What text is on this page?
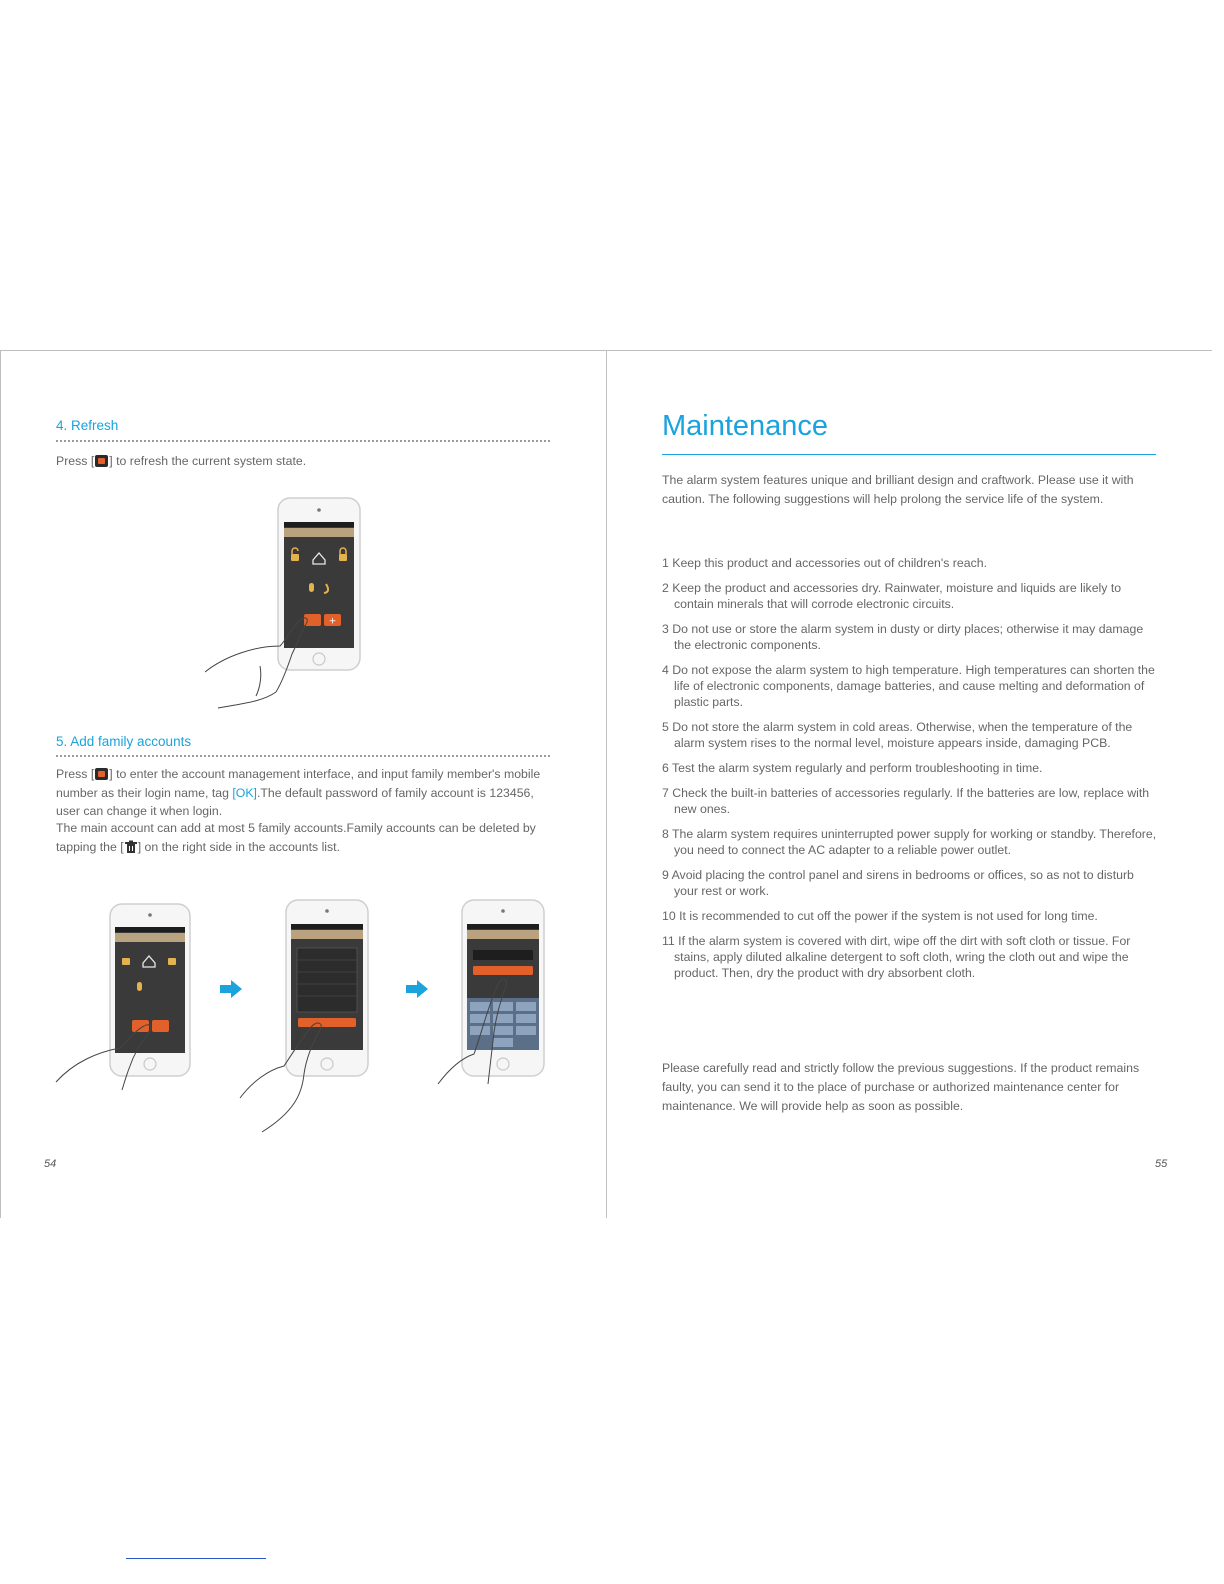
4. Refresh
Press [ ] to refresh the current system state.
+
5. Add family accounts
Press [ ] to enter the account management interface, and input family member's mobile number as their login name, tag [OK].The default password of family account is 123456, user can change it when login.
The main account can add at most 5 family accounts.Family accounts can be deleted by tapping the [ ] on the right side in the accounts list.
54
Maintenance
The alarm system features unique and brilliant design and craftwork. Please use it with caution. The following suggestions will help prolong the service life of the system.
1 Keep this product and accessories out of children's reach.
2 Keep the product and accessories dry. Rainwater, moisture and liquids are likely to contain minerals that will corrode electronic circuits.
3 Do not use or store the alarm system in dusty or dirty places; otherwise it may damage the electronic components.
4 Do not expose the alarm system to high temperature. High temperatures can shorten the life of electronic components, damage batteries, and cause melting and deformation of plastic parts.
5 Do not store the alarm system in cold areas. Otherwise, when the temperature of the alarm system rises to the normal level, moisture appears inside, damaging PCB.
6 Test the alarm system regularly and perform troubleshooting in time.
7 Check the built-in batteries of accessories regularly. If the batteries are low, replace with new ones.
8 The alarm system requires uninterrupted power supply for working or standby. Therefore, you need to connect the AC adapter to a reliable power outlet.
9 Avoid placing the control panel and sirens in bedrooms or offices, so as not to disturb your rest or work.
10 It is recommended to cut off the power if the system is not used for long time.
11 If the alarm system is covered with dirt, wipe off the dirt with soft cloth or tissue. For stains, apply diluted alkaline detergent to soft cloth, wring the cloth out and wipe the product. Then, dry the product with dry absorbent cloth.
Please carefully read and strictly follow the previous suggestions. If the product remains faulty, you can send it to the place of purchase or authorized maintenance center for maintenance. We will provide help as soon as possible.
55
